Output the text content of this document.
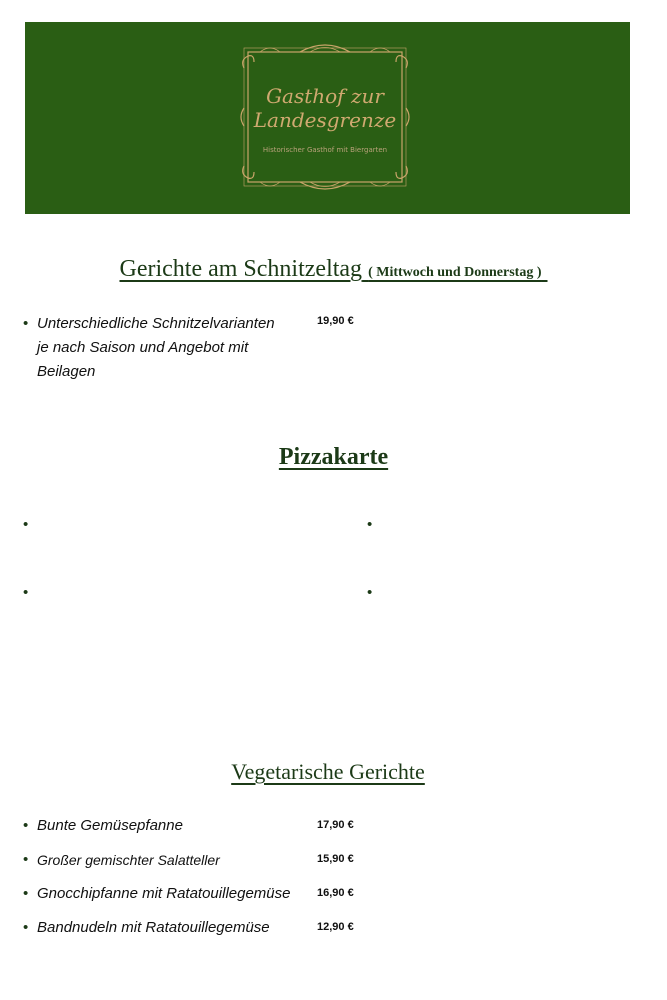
Gasthof zur
Landesgrenze
Historischer Gasthof mit Biergarten
Gerichte am Schnitzeltag ( Mittwoch und Donnerstag )
• Unterschiedliche Schnitzelvarianten
je nach Saison und Angebot mit
Beilagen
19,90 €
Pizzakarte
•	•
•	•
Vegetarische Gerichte
• Bunte Gemüsepfanne	17,90 €
• Großer gemischter Salatteller	15,90 €
• Gnocchipfanne mit Ratatouillegemüse	16,90 €
• Bandnudeln mit Ratatouillegemüse	12,90 €
